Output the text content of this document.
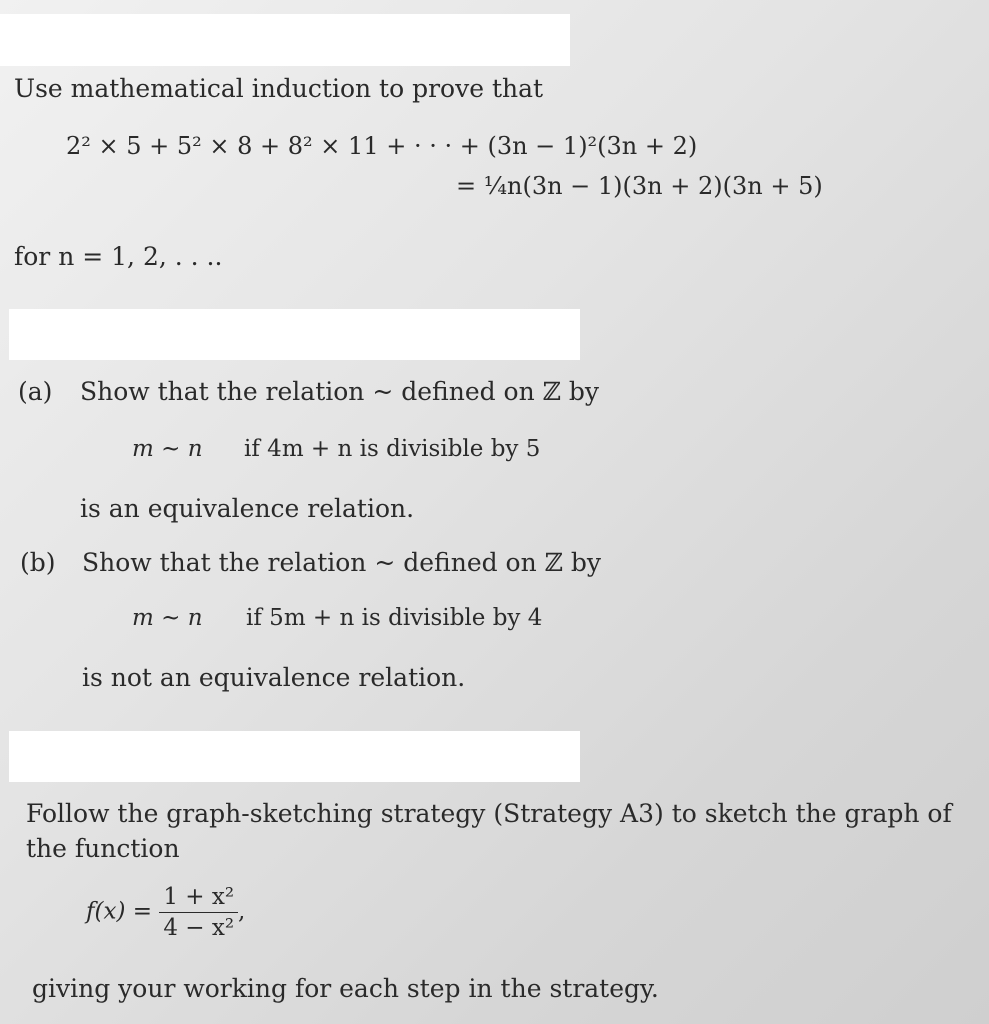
Use mathematical induction to prove that
2² × 5 + 5² × 8 + 8² × 11 + · · · + (3n − 1)²(3n + 2)
= ¼n(3n − 1)(3n + 2)(3n + 5)
for n = 1, 2, . . ..
(a) Show that the relation ~ defined on ℤ by
m ~ n if 4m + n is divisible by 5
is an equivalence relation.
(b) Show that the relation ~ defined on ℤ by
m ~ n if 5m + n is divisible by 4
is not an equivalence relation.
Follow the graph-sketching strategy (Strategy A3) to sketch the graph of
the function
$f(x) = \frac{\text{1 + x²}}{\text{4 − x²}}$ ,
giving your working for each step in the strategy.
